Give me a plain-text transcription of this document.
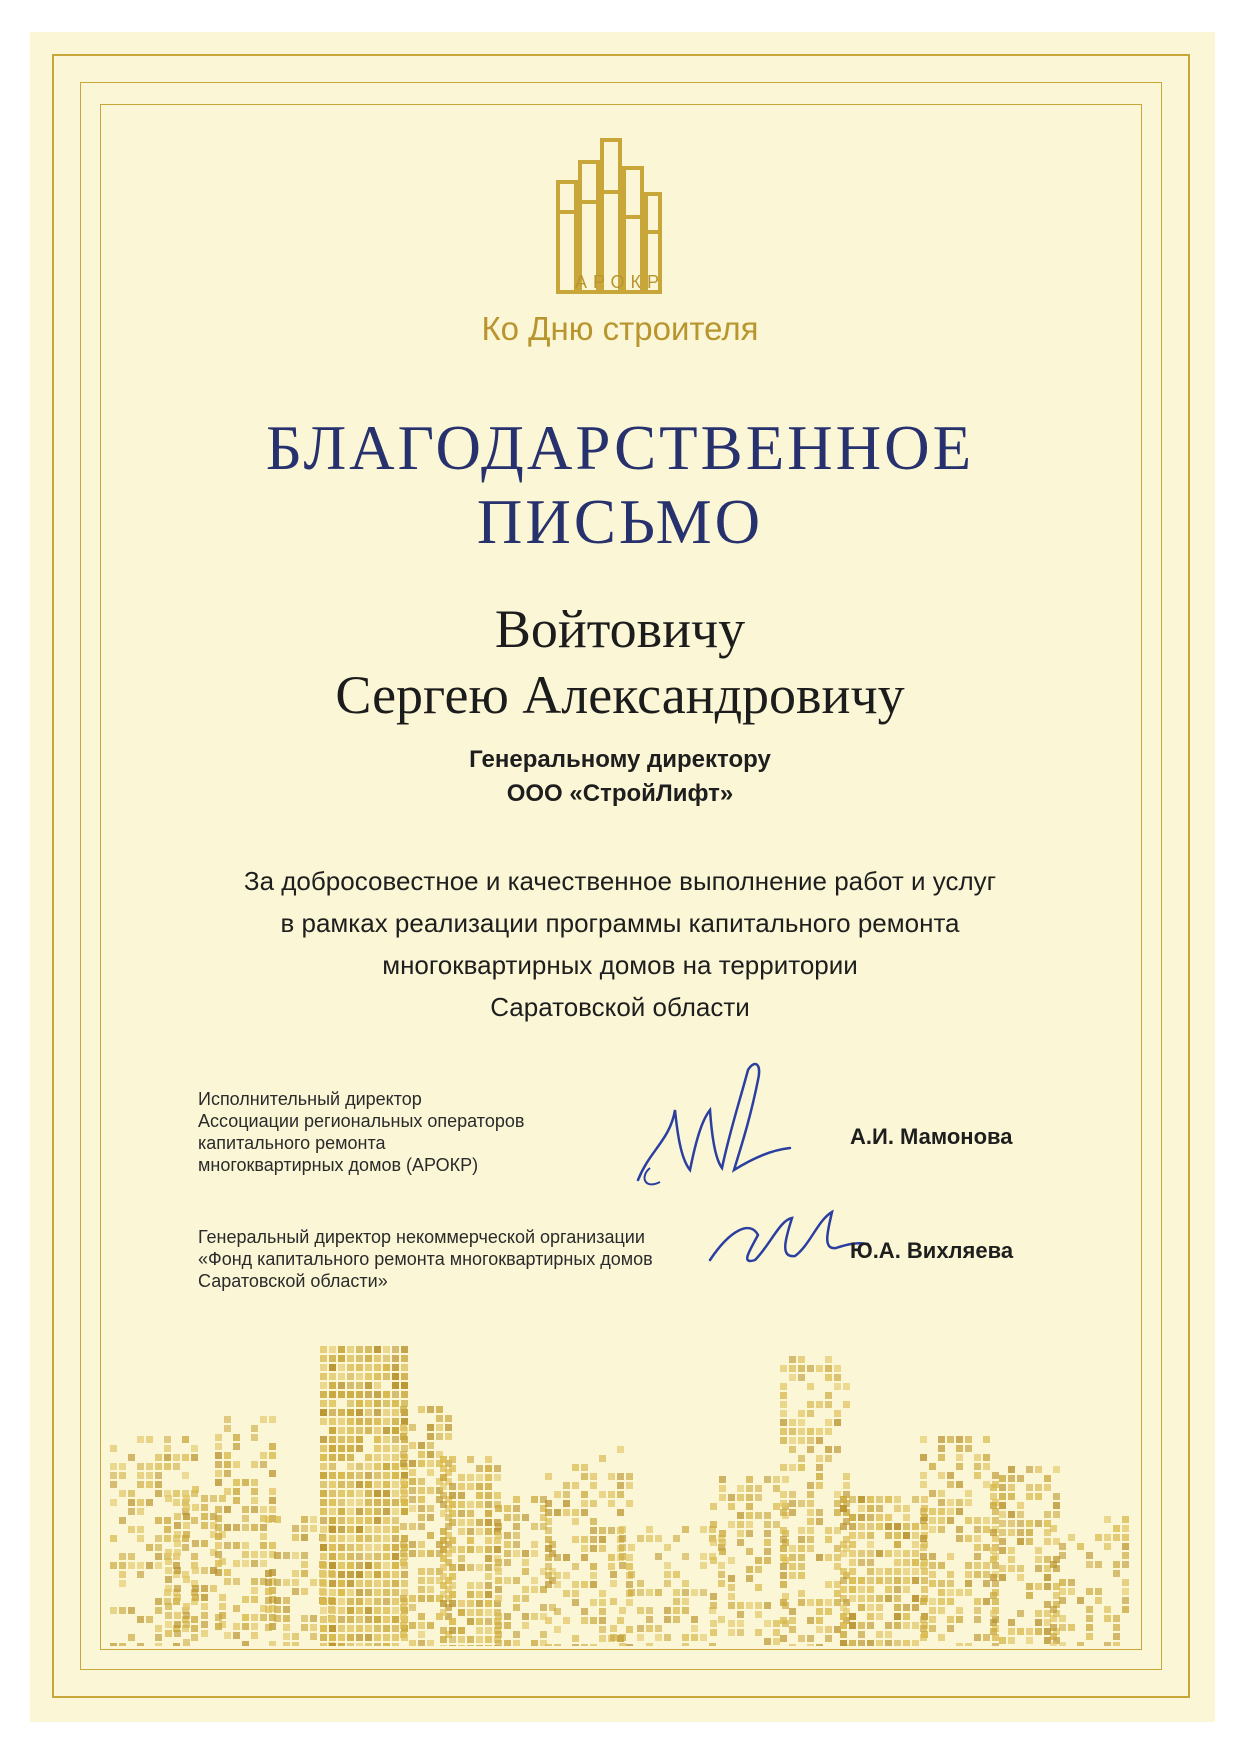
АРОКР
Ко Дню строителя
БЛАГОДАРСТВЕННОЕ
ПИСЬМО
Войтовичу
Сергею Александровичу
Генеральному директору
ООО «СтройЛифт»
За добросовестное и качественное выполнение работ и услуг
в рамках реализации программы капитального ремонта
многоквартирных домов на территории
Саратовской области
Исполнительный директор
Ассоциации региональных операторов
капитального ремонта
многоквартирных домов (АРОКР)
А.И. Мамонова
Генеральный директор некоммерческой организации
«Фонд капитального ремонта многоквартирных домов
Саратовской области»
Ю.А. Вихляева
